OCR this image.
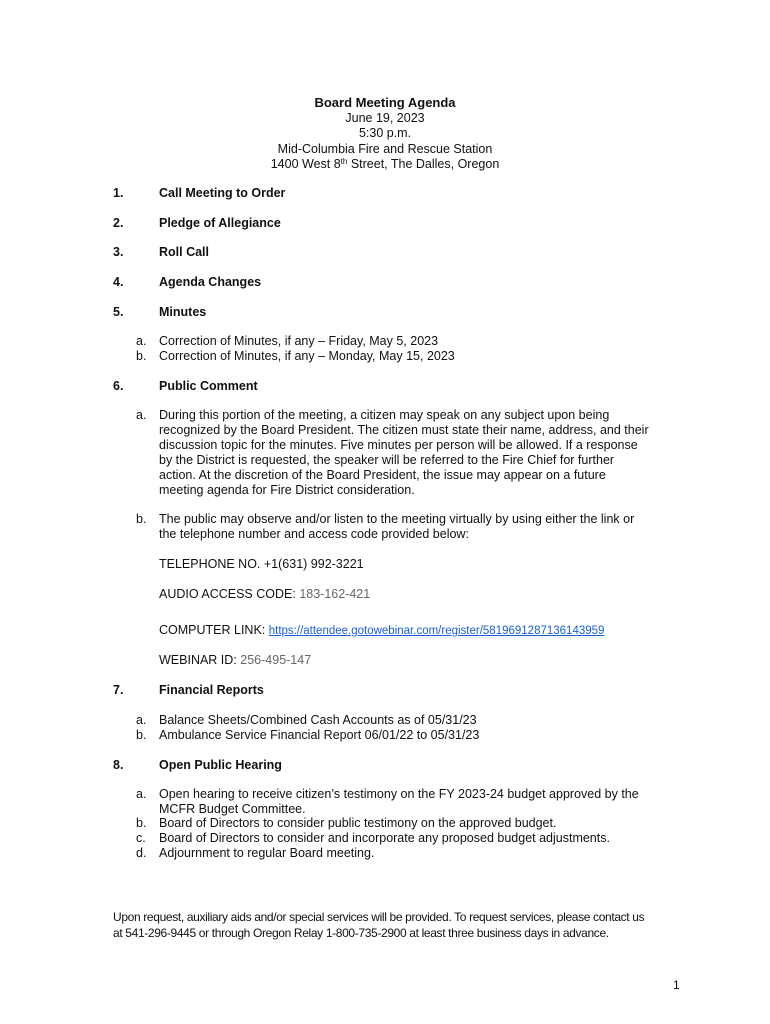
Board Meeting Agenda
June 19, 2023
5:30 p.m.
Mid-Columbia Fire and Rescue Station
1400 West 8th Street, The Dalles, Oregon
1.	Call Meeting to Order
2.	Pledge of Allegiance
3.	Roll Call
4.	Agenda Changes
5.	Minutes
a. Correction of Minutes, if any – Friday, May 5, 2023
b. Correction of Minutes, if any – Monday, May 15, 2023
6.	Public Comment
a. During this portion of the meeting, a citizen may speak on any subject upon being
recognized by the Board President. The citizen must state their name, address, and their
discussion topic for the minutes. Five minutes per person will be allowed. If a response
by the District is requested, the speaker will be referred to the Fire Chief for further
action. At the discretion of the Board President, the issue may appear on a future
meeting agenda for Fire District consideration.
b. The public may observe and/or listen to the meeting virtually by using either the link or
the telephone number and access code provided below:
TELEPHONE NO. +1(631) 992-3221
AUDIO ACCESS CODE: 183-162-421
COMPUTER LINK: https://attendee.gotowebinar.com/register/5819691287136143959
WEBINAR ID: 256-495-147
7.	Financial Reports
a. Balance Sheets/Combined Cash Accounts as of 05/31/23
b. Ambulance Service Financial Report 06/01/22 to 05/31/23
8.	Open Public Hearing
a. Open hearing to receive citizen’s testimony on the FY 2023-24 budget approved by the
MCFR Budget Committee.
b. Board of Directors to consider public testimony on the approved budget.
c. Board of Directors to consider and incorporate any proposed budget adjustments.
d. Adjournment to regular Board meeting.
Upon request, auxiliary aids and/or special services will be provided. To request services, please contact us
at 541-296-9445 or through Oregon Relay 1-800-735-2900 at least three business days in advance.
1
